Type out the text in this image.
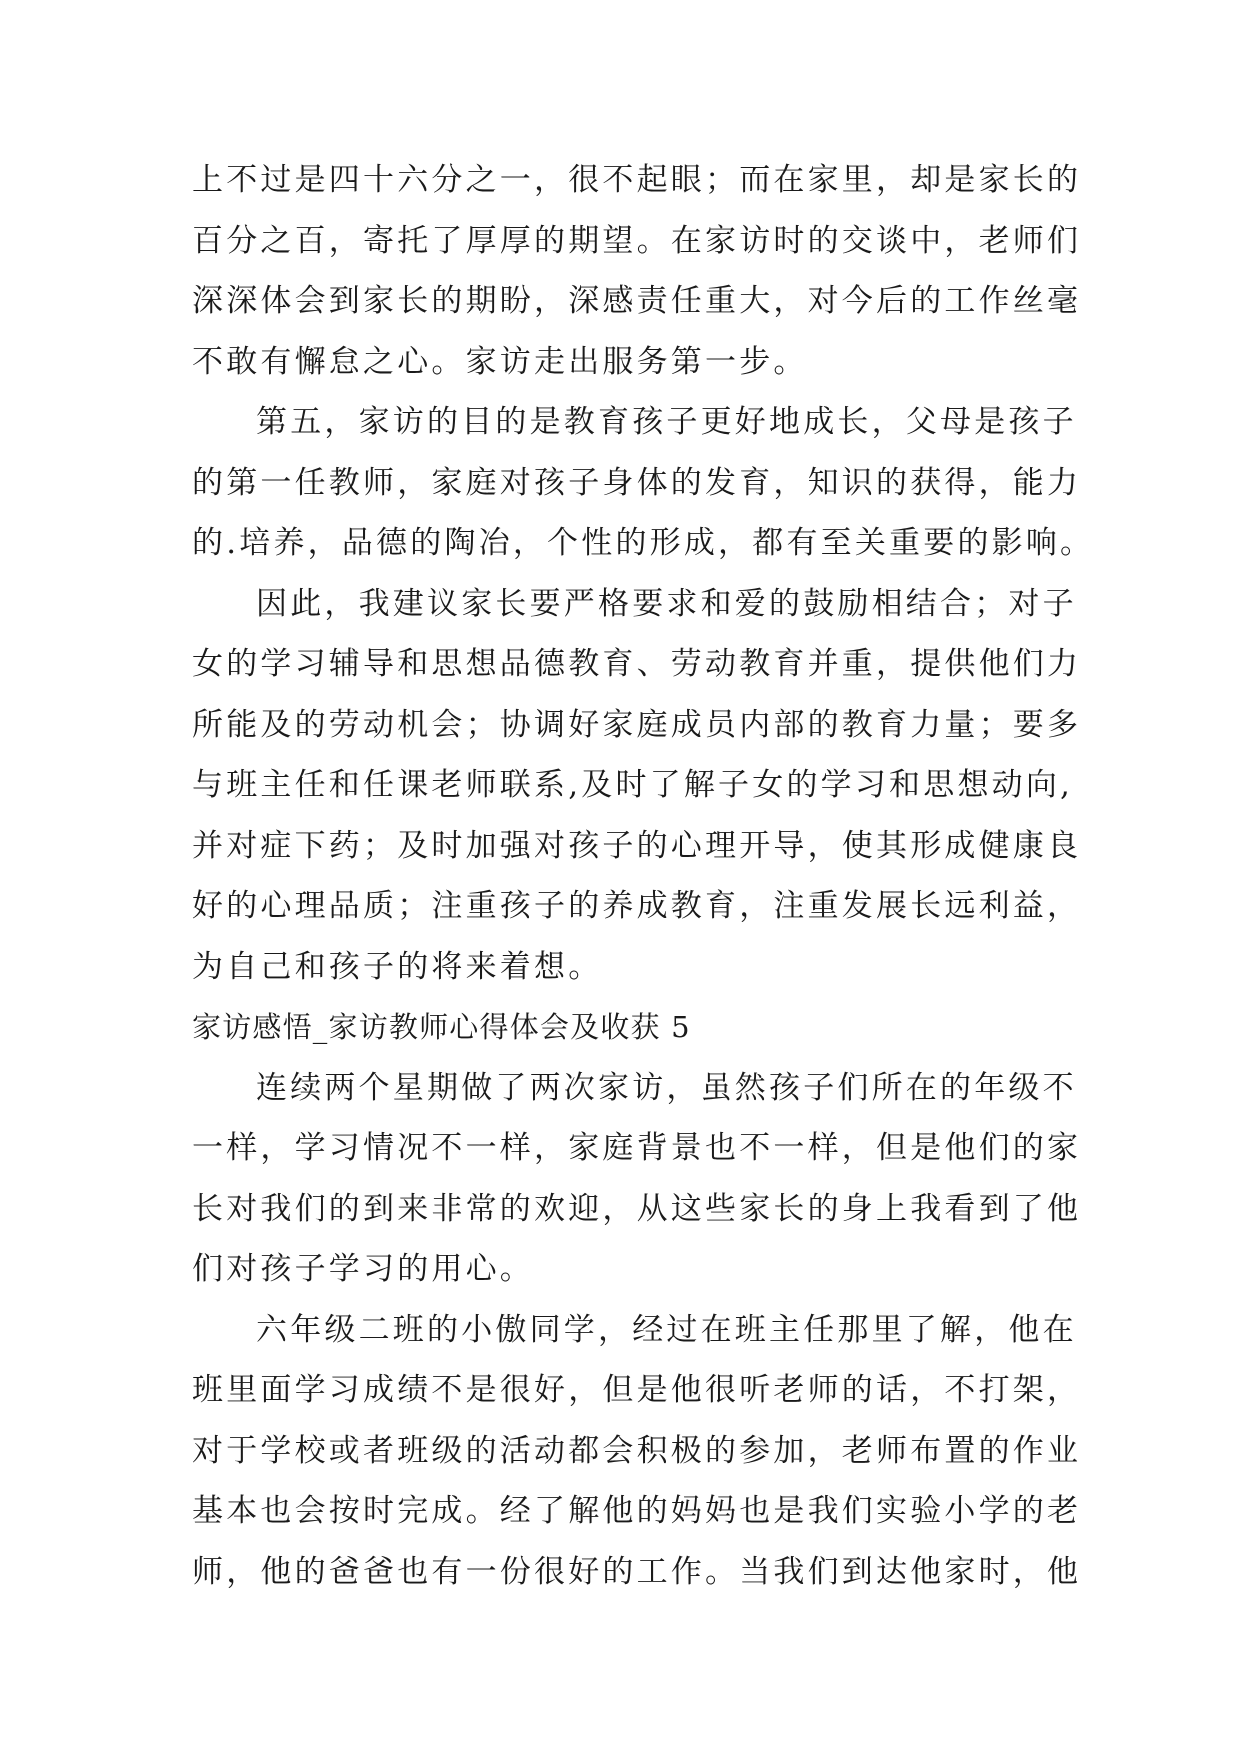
上不过是四十六分之一，很不起眼；而在家里，却是家长的
百分之百，寄托了厚厚的期望。在家访时的交谈中，老师们
深深体会到家长的期盼，深感责任重大，对今后的工作丝毫
不敢有懈怠之心。家访走出服务第一步。
第五，家访的目的是教育孩子更好地成长，父母是孩子
的第一任教师，家庭对孩子身体的发育，知识的获得，能力
的.培养，品德的陶冶，个性的形成，都有至关重要的影响。
因此，我建议家长要严格要求和爱的鼓励相结合；对子
女的学习辅导和思想品德教育、劳动教育并重，提供他们力
所能及的劳动机会；协调好家庭成员内部的教育力量；要多
与班主任和任课老师联系,及时了解子女的学习和思想动向,
并对症下药；及时加强对孩子的心理开导，使其形成健康良
好的心理品质；注重孩子的养成教育，注重发展长远利益，
为自己和孩子的将来着想。
家访感悟_家访教师心得体会及收获 5
连续两个星期做了两次家访，虽然孩子们所在的年级不
一样，学习情况不一样，家庭背景也不一样，但是他们的家
长对我们的到来非常的欢迎，从这些家长的身上我看到了他
们对孩子学习的用心。
六年级二班的小傲同学，经过在班主任那里了解，他在
班里面学习成绩不是很好，但是他很听老师的话，不打架，
对于学校或者班级的活动都会积极的参加，老师布置的作业
基本也会按时完成。经了解他的妈妈也是我们实验小学的老
师，他的爸爸也有一份很好的工作。当我们到达他家时，他
